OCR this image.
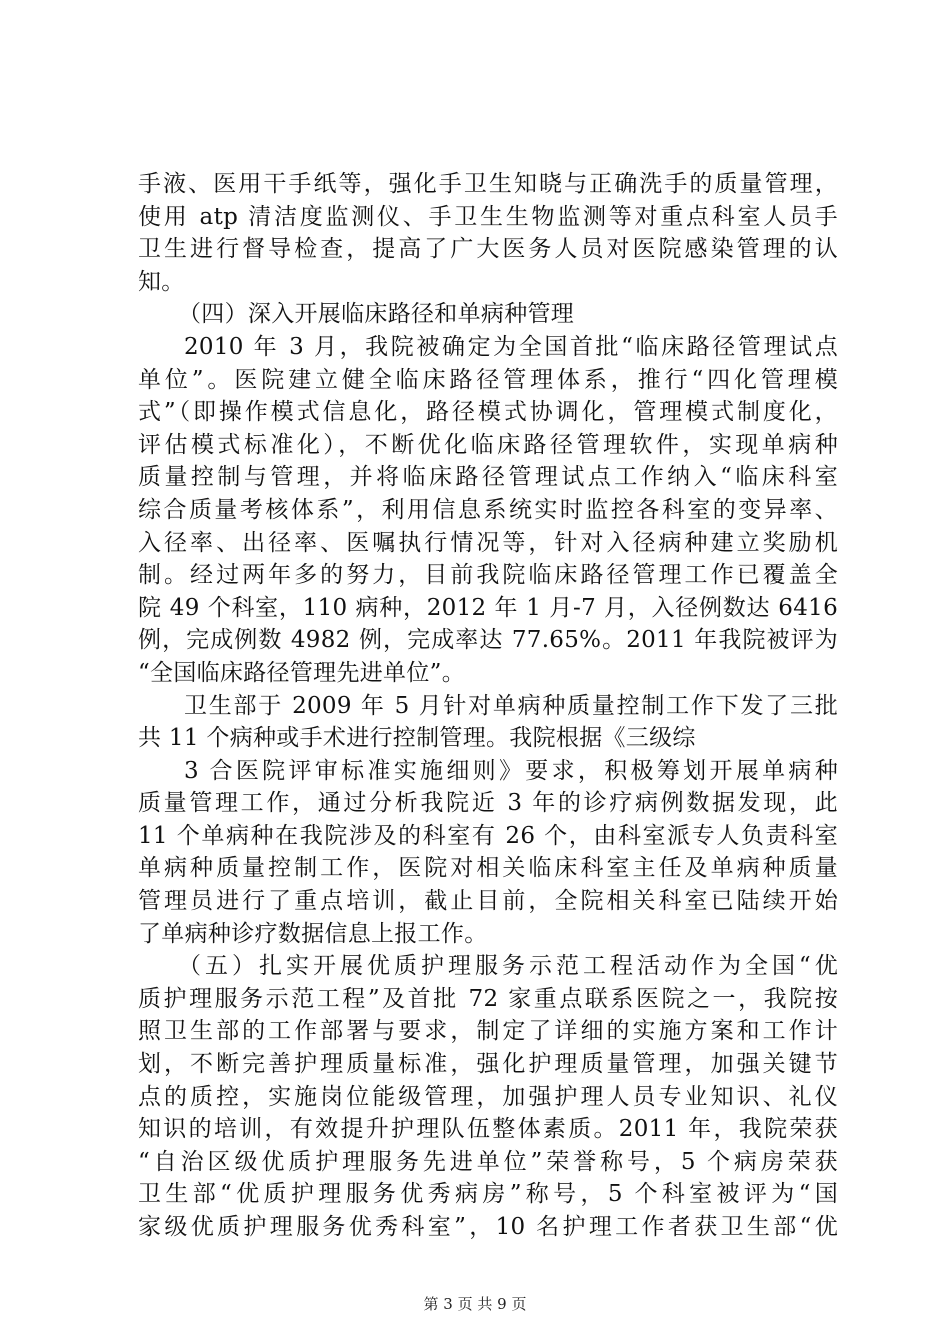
手液、医用干手纸等，强化手卫生知晓与正确洗手的质量管理，
使用 atp 清洁度监测仪、手卫生生物监测等对重点科室人员手
卫生进行督导检查，提高了广大医务人员对医院感染管理的认
知。
（四）深入开展临床路径和单病种管理
2010 年 3 月，我院被确定为全国首批“临床路径管理试点
单位”。医院建立健全临床路径管理体系，推行“四化管理模
式”（即操作模式信息化，路径模式协调化，管理模式制度化，
评估模式标准化），不断优化临床路径管理软件，实现单病种
质量控制与管理，并将临床路径管理试点工作纳入“临床科室
综合质量考核体系”，利用信息系统实时监控各科室的变异率、
入径率、出径率、医嘱执行情况等，针对入径病种建立奖励机
制。经过两年多的努力，目前我院临床路径管理工作已覆盖全
院 49 个科室，110 病种，2012 年 1 月-7 月，入径例数达 6416
例，完成例数 4982 例，完成率达 77.65%。2011 年我院被评为
“全国临床路径管理先进单位”。
卫生部于 2009 年 5 月针对单病种质量控制工作下发了三批
共 11 个病种或手术进行控制管理。我院根据《三级综
3 合医院评审标准实施细则》要求，积极筹划开展单病种
质量管理工作，通过分析我院近 3 年的诊疗病例数据发现，此
11 个单病种在我院涉及的科室有 26 个，由科室派专人负责科室
单病种质量控制工作，医院对相关临床科室主任及单病种质量
管理员进行了重点培训，截止目前，全院相关科室已陆续开始
了单病种诊疗数据信息上报工作。
（五）扎实开展优质护理服务示范工程活动作为全国“优
质护理服务示范工程”及首批 72 家重点联系医院之一，我院按
照卫生部的工作部署与要求，制定了详细的实施方案和工作计
划，不断完善护理质量标准，强化护理质量管理，加强关键节
点的质控，实施岗位能级管理，加强护理人员专业知识、礼仪
知识的培训，有效提升护理队伍整体素质。2011 年，我院荣获
“自治区级优质护理服务先进单位”荣誉称号，5 个病房荣获
卫生部“优质护理服务优秀病房”称号，5 个科室被评为“国
家级优质护理服务优秀科室”，10 名护理工作者获卫生部“优
第 3 页 共 9 页
